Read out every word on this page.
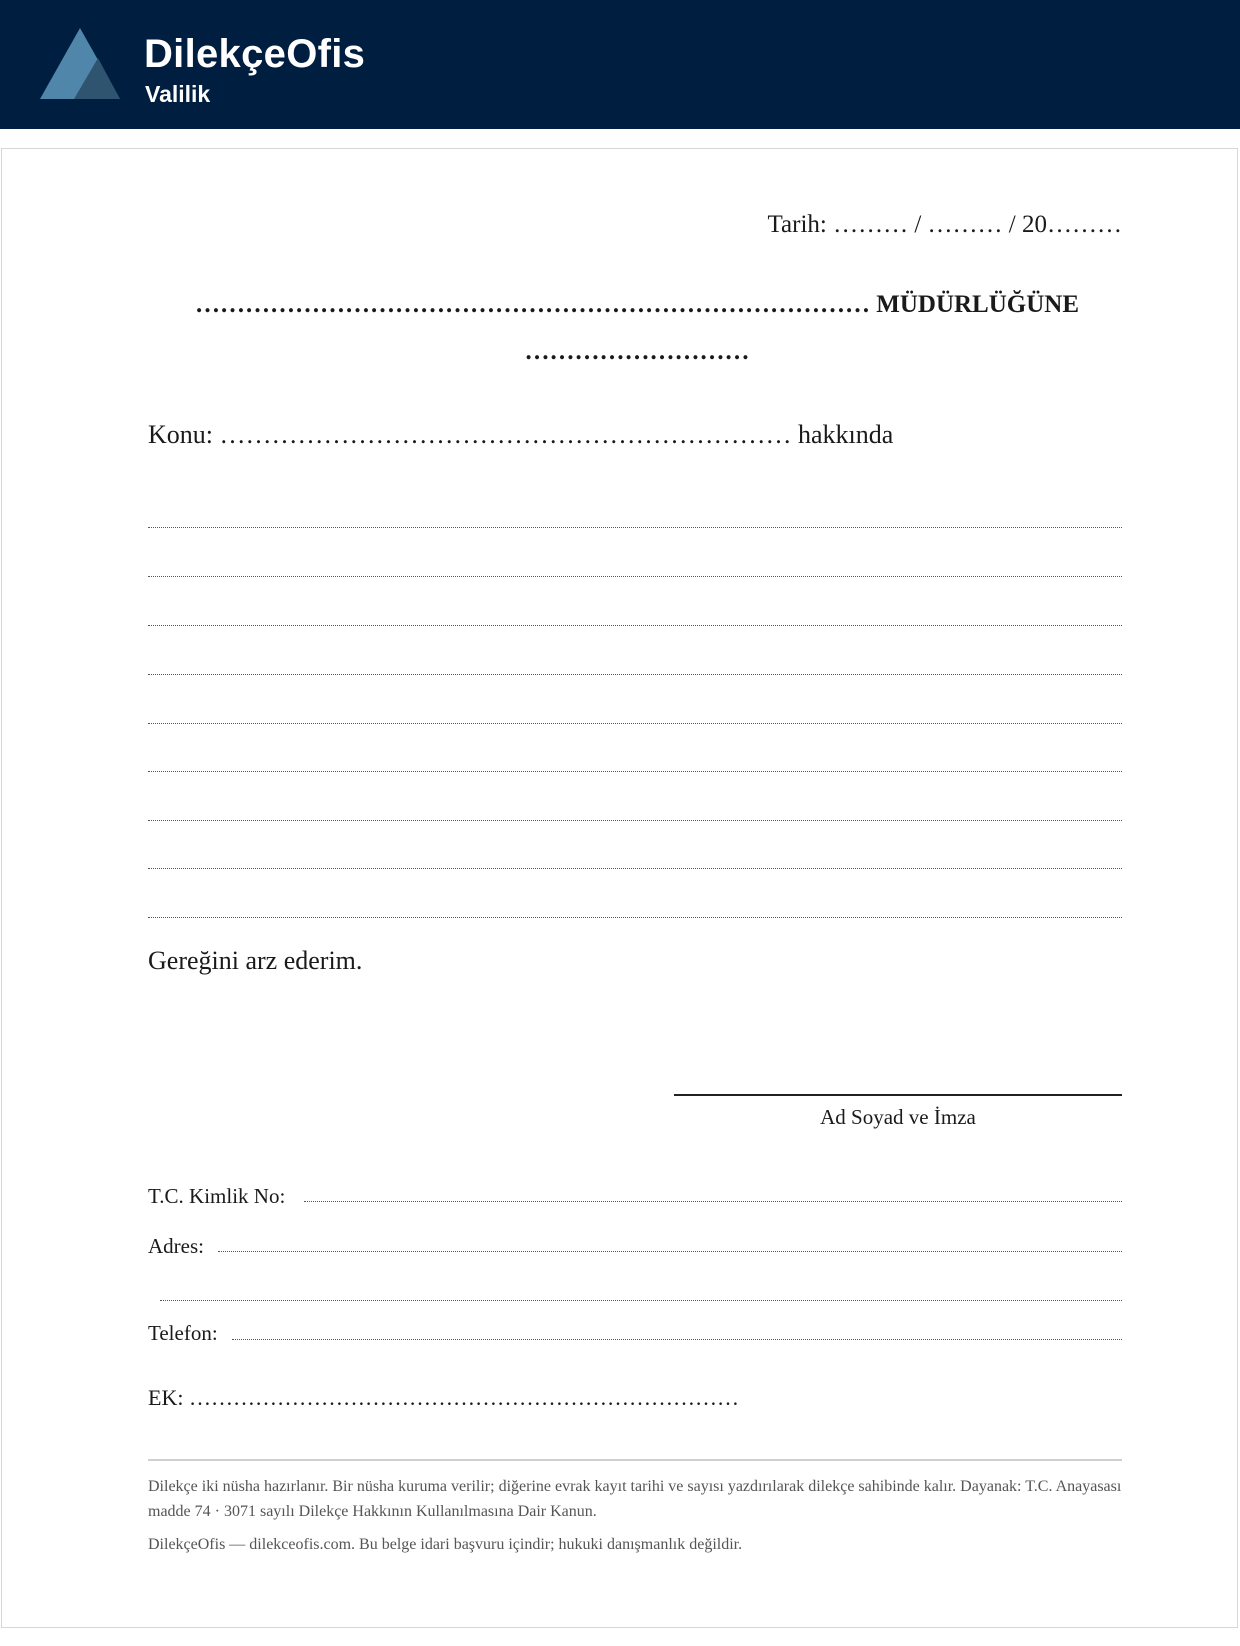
DilekçeOfis
Valilik
Tarih: ……… / ……… / 20………
……………………………………………………………………… MÜDÜRLÜĞÜNE
………………………
Konu: ………………………………………………………… hakkında
Gereğini arz ederim.
Ad Soyad ve İmza
T.C. Kimlik No:
Adres:
Telefon:
EK: …………………………………………………………………
Dilekçe iki nüsha hazırlanır. Bir nüsha kuruma verilir; diğerine evrak kayıt tarihi ve sayısı yazdırılarak dilekçe sahibinde kalır. Dayanak: T.C. Anayasası madde 74 · 3071 sayılı Dilekçe Hakkının Kullanılmasına Dair Kanun.
DilekçeOfis — dilekceofis.com. Bu belge idari başvuru içindir; hukuki danışmanlık değildir.
